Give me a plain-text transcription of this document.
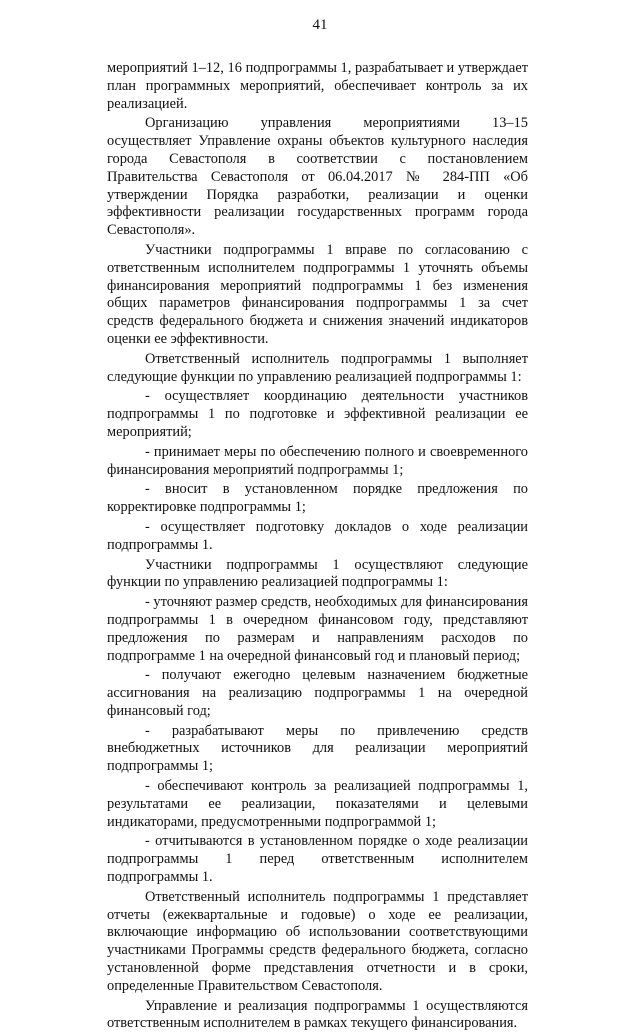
41

мероприятий 1–12, 16 подпрограммы 1, разрабатывает и утверждает план программных мероприятий, обеспечивает контроль за их реализацией.

Организацию управления мероприятиями 13–15 осуществляет Управление охраны объектов культурного наследия города Севастополя в соответствии с постановлением Правительства Севастополя от 06.04.2017 № 284-ПП «Об утверждении Порядка разработки, реализации и оценки эффективности реализации государственных программ города Севастополя».

Участники подпрограммы 1 вправе по согласованию с ответственным исполнителем подпрограммы 1 уточнять объемы финансирования мероприятий подпрограммы 1 без изменения общих параметров финансирования подпрограммы 1 за счет средств федерального бюджета и снижения значений индикаторов оценки ее эффективности.

Ответственный исполнитель подпрограммы 1 выполняет следующие функции по управлению реализацией подпрограммы 1:

- осуществляет координацию деятельности участников подпрограммы 1 по подготовке и эффективной реализации ее мероприятий;

- принимает меры по обеспечению полного и своевременного финансирования мероприятий подпрограммы 1;

- вносит в установленном порядке предложения по корректировке подпрограммы 1;

- осуществляет подготовку докладов о ходе реализации подпрограммы 1.

Участники подпрограммы 1 осуществляют следующие функции по управлению реализацией подпрограммы 1:

- уточняют размер средств, необходимых для финансирования подпрограммы 1 в очередном финансовом году, представляют предложения по размерам и направлениям расходов по подпрограмме 1 на очередной финансовый год и плановый период;

- получают ежегодно целевым назначением бюджетные ассигнования на реализацию подпрограммы 1 на очередной финансовый год;

- разрабатывают меры по привлечению средств внебюджетных источников для реализации мероприятий подпрограммы 1;

- обеспечивают контроль за реализацией подпрограммы 1, результатами ее реализации, показателями и целевыми индикаторами, предусмотренными подпрограммой 1;

- отчитываются в установленном порядке о ходе реализации подпрограммы 1 перед ответственным исполнителем подпрограммы 1.

Ответственный исполнитель подпрограммы 1 представляет отчеты (ежеквартальные и годовые) о ходе ее реализации, включающие информацию об использовании соответствующими участниками Программы средств федерального бюджета, согласно установленной форме представления отчетности и в сроки, определенные Правительством Севастополя.

Управление и реализация подпрограммы 1 осуществляются ответственным исполнителем в рамках текущего финансирования.
